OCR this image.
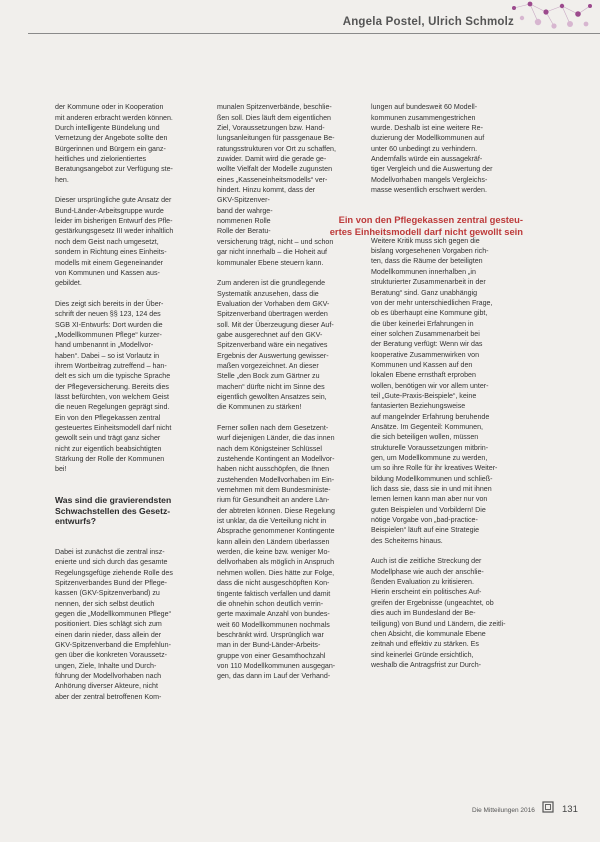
Angela Postel, Ulrich Schmolz

der Kommune oder in Kooperation
mit anderen erbracht werden können.
Durch intelligente Bündelung und
Vernetzung der Angebote sollte den
Bürgerinnen und Bürgern ein ganz-
heitliches und zielorientiertes
Beratungsangebot zur Verfügung ste-
hen.

Dieser ursprüngliche gute Ansatz der
Bund-Länder-Arbeitsgruppe wurde
leider im bisherigen Entwurf des Pfle-
gestärkungsgesetz III weder inhaltlich
noch dem Geist nach umgesetzt,
sondern in Richtung eines Einheits-
modells mit einem Gegeneinander
von Kommunen und Kassen aus-
gebildet.

Dies zeigt sich bereits in der Über-
schrift der neuen §§ 123, 124 des
SGB XI-Entwurfs: Dort wurden die
„Modellkommunen Pflege“ kurzer-
hand umbenannt in „Modellvor-
haben“. Dabei – so ist Vorlautz in
ihrem Wortbeitrag zutreffend – han-
delt es sich um die typische Sprache
der Pflegeversicherung. Bereits dies
lässt befürchten, von welchem Geist
die neuen Regelungen geprägt sind.
Ein von den Pflegekassen zentral
gesteuertes Einheitsmodell darf nicht
gewollt sein und trägt ganz sicher
nicht zur eigentlich beabsichtigten
Stärkung der Rolle der Kommunen
bei!

Was sind die gravierendsten
Schwachstellen des Gesetz-
entwurfs?

Dabei ist zunächst die zentral insz-
enierte und sich durch das gesamte
Regelungsgefüge ziehende Rolle des
Spitzenverbandes Bund der Pflege-
kassen (GKV-Spitzenverband) zu
nennen, der sich selbst deutlich
gegen die „Modellkommunen Pflege“
positioniert. Dies schlägt sich zum
einen darin nieder, dass allein der
GKV-Spitzenverband die Empfehlun-
gen über die konkreten Voraussetz-
ungen, Ziele, Inhalte und Durch-
führung der Modellvorhaben nach
Anhörung diverser Akteure, nicht
aber der zentral betroffenen Kom-

munalen Spitzenverbände, beschlie-
ßen soll. Dies läuft dem eigentlichen
Ziel, Voraussetzungen bzw. Hand-
lungsanleitungen für passgenaue Be-
ratungsstrukturen vor Ort zu schaffen,
zuwider. Damit wird die gerade ge-
wollte Vielfalt der Modelle zugunsten
eines „Kasseneinheitsmodells“ ver-
hindert. Hinzu kommt, dass der
GKV-Spitzenver-
band der wahrge-
nommenen Rolle
Rolle der Beratu-
versicherung trägt, nicht – und schon
gar nicht innerhalb – die Hoheit auf
kommunaler Ebene steuern kann.

Zum anderen ist die grundlegende
Systematik anzusehen, dass die
Evaluation der Vorhaben dem GKV-
Spitzenverband übertragen werden
soll. Mit der Überzeugung dieser Auf-
gabe ausgerechnet auf den GKV-
Spitzenverband wäre ein negatives
Ergebnis der Auswertung gewisser-
maßen vorgezeichnet. An dieser
Stelle „den Bock zum Gärtner zu
machen“ dürfte nicht im Sinne des
eigentlich gewollten Ansatzes sein,
die Kommunen zu stärken!

Ferner sollen nach dem Gesetzent-
wurf diejenigen Länder, die das innen
nach dem Königsteiner Schlüssel
zustehende Kontingent an Modellvor-
haben nicht ausschöpfen, die Ihnen
zustehenden Modellvorhaben im Ein-
vernehmen mit dem Bundesministe-
rium für Gesundheit an andere Län-
der abtreten können. Diese Regelung
ist unklar, da die Verteilung nicht in
Absprache genommener Kontingente
kann allein den Ländern überlassen
werden, die keine bzw. weniger Mo-
dellvorhaben als möglich in Anspruch
nehmen wollen. Dies hätte zur Folge,
dass die nicht ausgeschöpften Kon-
tingente faktisch verfallen und damit
die ohnehin schon deutlich verrin-
gerte maximale Anzahl von bundes-
weit 60 Modellkommunen nochmals
beschränkt wird. Ursprünglich war
man in der Bund-Länder-Arbeits-
gruppe von einer Gesamthochzahl
von 110 Modellkommunen ausgegan-
gen, das dann im Lauf der Verhand-

lungen auf bundesweit 60 Modell-
kommunen zusammengestrichen
wurde. Deshalb ist eine weitere Re-
duzierung der Modellkommunen auf
unter 60 unbedingt zu verhindern.
Andernfalls würde ein aussagekräf-
tiger Vergleich und die Auswertung der
Modellvorhaben mangels Vergleichs-
masse wesentlich erschwert werden.

Weitere Kritik muss sich gegen die
bislang vorgesehenen Vorgaben rich-
ten, dass die Räume der beteiligten
Modellkommunen innerhalben „in
strukturierter Zusammenarbeit in der
Beratung“ sind. Ganz unabhängig
von der mehr unterschiedlichen Frage,
ob es überhaupt eine Kommune gibt,
die über keinerlei Erfahrungen in
einer solchen Zusammenarbeit bei
der Beratung verfügt: Wenn wir das
kooperative Zusammenwirken von
Kommunen und Kassen auf den
lokalen Ebene ernsthaft erproben
wollen, benötigen wir vor allem unter-
teil „Gute-Praxis-Beispiele“, keine
fantasierten Beziehungsweise
auf mangelnder Erfahrung beruhende
Ansätze. Im Gegenteil: Kommunen,
die sich beteiligen wollen, müssen
strukturelle Voraussetzungen mitbrin-
gen, um Modellkommune zu werden,
um so ihre Rolle für ihr kreatives Weiter-
bildung Modellkommunen und schließ-
lich dass sie, dass sie in und mit ihnen
lernen lernen kann man aber nur von
guten Beispielen und Vorbildern! Die
nötige Vorgabe von „bad-practice-
Beispielen“ läuft auf eine Strategie
des Scheiterns hinaus.

Auch ist die zeitliche Streckung der
Modellphase wie auch der anschlie-
ßenden Evaluation zu kritisieren.
Hierin erscheint ein politisches Auf-
greifen der Ergebnisse (ungeachtet, ob
dies auch im Bundesland der Be-
teiligung) von Bund und Ländern, die zeitli-
chen Absicht, die kommunale Ebene
zeitnah und effektiv zu stärken. Es
sind keinerlei Gründe ersichtlich,
weshalb die Antragsfrist zur Durch-

Ein von den Pflegekassen zentral gesteu-
ertes Einheitsmodell darf nicht gewollt sein
Die Mitteilungen 2016	131
